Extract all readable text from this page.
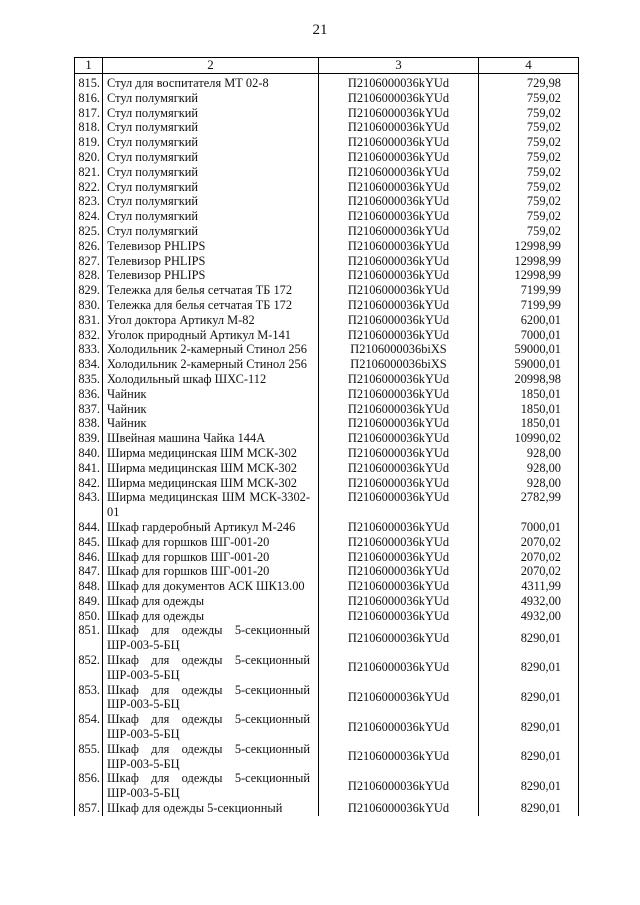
21
1	2	3	4
815.	Стул для воспитателя МТ 02-8	П2106000036kYUd	729,98
816.	Стул полумягкий	П2106000036kYUd	759,02
817.	Стул полумягкий	П2106000036kYUd	759,02
818.	Стул полумягкий	П2106000036kYUd	759,02
819.	Стул полумягкий	П2106000036kYUd	759,02
820.	Стул полумягкий	П2106000036kYUd	759,02
821.	Стул полумягкий	П2106000036kYUd	759,02
822.	Стул полумягкий	П2106000036kYUd	759,02
823.	Стул полумягкий	П2106000036kYUd	759,02
824.	Стул полумягкий	П2106000036kYUd	759,02
825.	Стул полумягкий	П2106000036kYUd	759,02
826.	Телевизор PHLIPS	П2106000036kYUd	12998,99
827.	Телевизор PHLIPS	П2106000036kYUd	12998,99
828.	Телевизор PHLIPS	П2106000036kYUd	12998,99
829.	Тележка для белья сетчатая ТБ 172	П2106000036kYUd	7199,99
830.	Тележка для белья сетчатая ТБ 172	П2106000036kYUd	7199,99
831.	Угол доктора Артикул М-82	П2106000036kYUd	6200,01
832.	Уголок природный Артикул М-141	П2106000036kYUd	7000,01
833.	Холодильник 2-камерный Стинол 256	П2106000036biXS	59000,01
834.	Холодильник 2-камерный Стинол 256	П2106000036biXS	59000,01
835.	Холодильный шкаф ШХС-112	П2106000036kYUd	20998,98
836.	Чайник	П2106000036kYUd	1850,01
837.	Чайник	П2106000036kYUd	1850,01
838.	Чайник	П2106000036kYUd	1850,01
839.	Швейная машина Чайка 144А	П2106000036kYUd	10990,02
840.	Ширма медицинская ШМ МСК-302	П2106000036kYUd	928,00
841.	Ширма медицинская ШМ МСК-302	П2106000036kYUd	928,00
842.	Ширма медицинская ШМ МСК-302	П2106000036kYUd	928,00
843.	Ширма медицинская ШМ МСК-3302-01	П2106000036kYUd	2782,99
844.	Шкаф гардеробный Артикул М-246	П2106000036kYUd	7000,01
845.	Шкаф для горшков ШГ-001-20	П2106000036kYUd	2070,02
846.	Шкаф для горшков ШГ-001-20	П2106000036kYUd	2070,02
847.	Шкаф для горшков ШГ-001-20	П2106000036kYUd	2070,02
848.	Шкаф для документов АСК ШК13.00	П2106000036kYUd	4311,99
849.	Шкаф для одежды	П2106000036kYUd	4932,00
850.	Шкаф для одежды	П2106000036kYUd	4932,00
851.	Шкаф для одежды 5-секционный ШР-003-5-БЦ	П2106000036kYUd	8290,01
852.	Шкаф для одежды 5-секционный ШР-003-5-БЦ	П2106000036kYUd	8290,01
853.	Шкаф для одежды 5-секционный ШР-003-5-БЦ	П2106000036kYUd	8290,01
854.	Шкаф для одежды 5-секционный ШР-003-5-БЦ	П2106000036kYUd	8290,01
855.	Шкаф для одежды 5-секционный ШР-003-5-БЦ	П2106000036kYUd	8290,01
856.	Шкаф для одежды 5-секционный ШР-003-5-БЦ	П2106000036kYUd	8290,01
857.	Шкаф для одежды 5-секционный	П2106000036kYUd	8290,01
